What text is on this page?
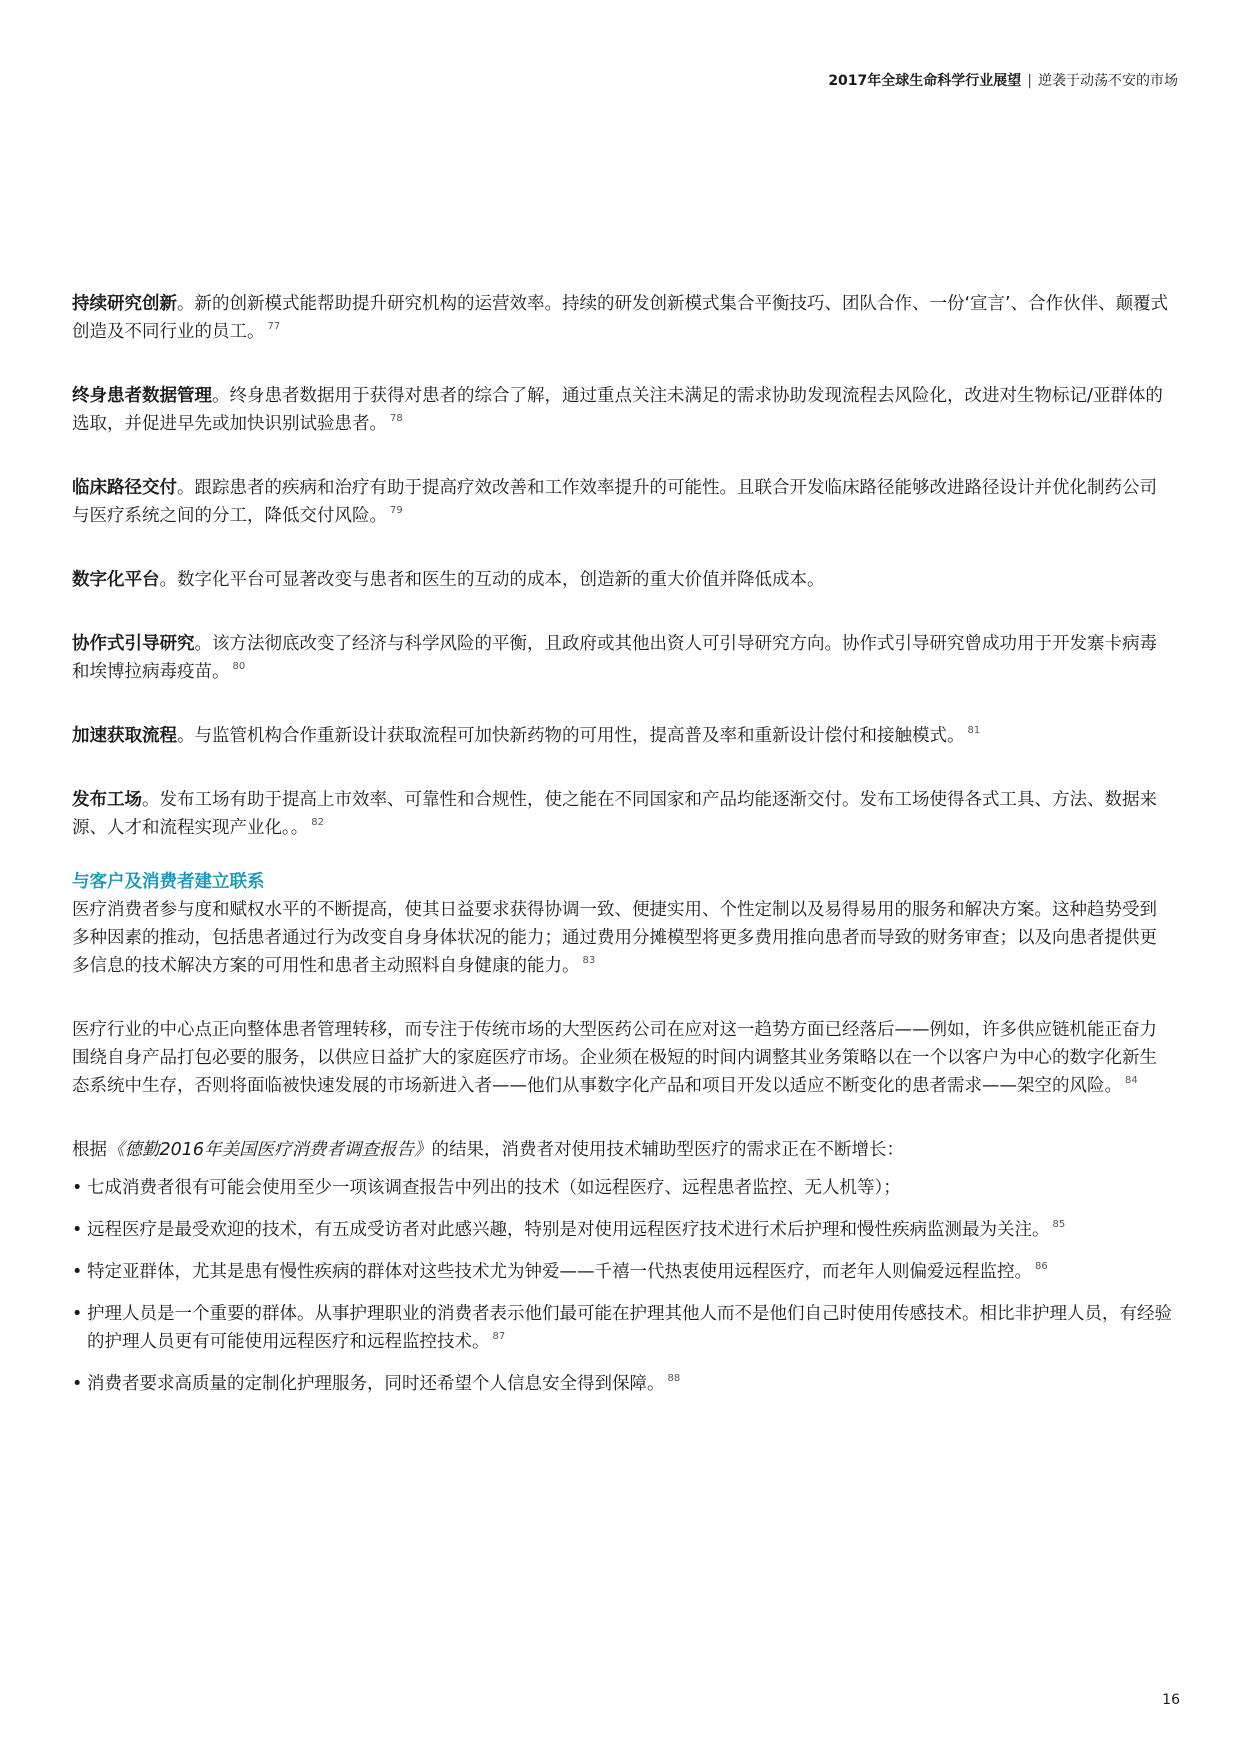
2017年全球生命科学行业展望 | 逆袭于动荡不安的市场

持续研究创新。新的创新模式能帮助提升研究机构的运营效率。持续的研发创新模式集合平衡技巧、团队合作、一份‘宣言’、合作伙伴、颠覆式创造及不同行业的员工。 $^{77}$

终身患者数据管理。终身患者数据用于获得对患者的综合了解，通过重点关注未满足的需求协助发现流程去风险化，改进对生物标记/亚群体的选取，并促进早先或加快识别试验患者。 $^{78}$

临床路径交付。跟踪患者的疾病和治疗有助于提高疗效改善和工作效率提升的可能性。且联合开发临床路径能够改进路径设计并优化制药公司与医疗系统之间的分工，降低交付风险。 $^{79}$

数字化平台。数字化平台可显著改变与患者和医生的互动的成本，创造新的重大价值并降低成本。

协作式引导研究。该方法彻底改变了经济与科学风险的平衡，且政府或其他出资人可引导研究方向。协作式引导研究曾成功用于开发寨卡病毒和埃博拉病毒疫苗。 $^{80}$

加速获取流程。与监管机构合作重新设计获取流程可加快新药物的可用性，提高普及率和重新设计偿付和接触模式。 $^{81}$

发布工场。发布工场有助于提高上市效率、可靠性和合规性，使之能在不同国家和产品均能逐渐交付。发布工场使得各式工具、方法、数据来源、人才和流程实现产业化。。 $^{82}$

与客户及消费者建立联系

医疗消费者参与度和赋权水平的不断提高，使其日益要求获得协调一致、便捷实用、个性定制以及易得易用的服务和解决方案。这种趋势受到多种因素的推动，包括患者通过行为改变自身身体状况的能力；通过费用分摊模型将更多费用推向患者而导致的财务审查；以及向患者提供更多信息的技术解决方案的可用性和患者主动照料自身健康的能力。 $^{83}$

医疗行业的中心点正向整体患者管理转移，而专注于传统市场的大型医药公司在应对这一趋势方面已经落后——例如，许多供应链机能正奋力围绕自身产品打包必要的服务，以供应日益扩大的家庭医疗市场。企业须在极短的时间内调整其业务策略以在一个以客户为中心的数字化新生态系统中生存，否则将面临被快速发展的市场新进入者——他们从事数字化产品和项目开发以适应不断变化的患者需求——架空的风险。 $^{84}$

根据《德勤2016年美国医疗消费者调查报告》的结果，消费者对使用技术辅助型医疗的需求正在不断增长：

• 七成消费者很有可能会使用至少一项该调查报告中列出的技术（如远程医疗、远程患者监控、无人机等）；
• 远程医疗是最受欢迎的技术，有五成受访者对此感兴趣，特别是对使用远程医疗技术进行术后护理和慢性疾病监测最为关注。 $^{85}$
• 特定亚群体，尤其是患有慢性疾病的群体对这些技术尤为钟爱——千禧一代热衷使用远程医疗，而老年人则偏爱远程监控。 $^{86}$
• 护理人员是一个重要的群体。从事护理职业的消费者表示他们最可能在护理其他人而不是他们自己时使用传感技术。相比非护理人员，有经验的护理人员更有可能使用远程医疗和远程监控技术。 $^{87}$
• 消费者要求高质量的定制化护理服务，同时还希望个人信息安全得到保障。 $^{88}$
16
